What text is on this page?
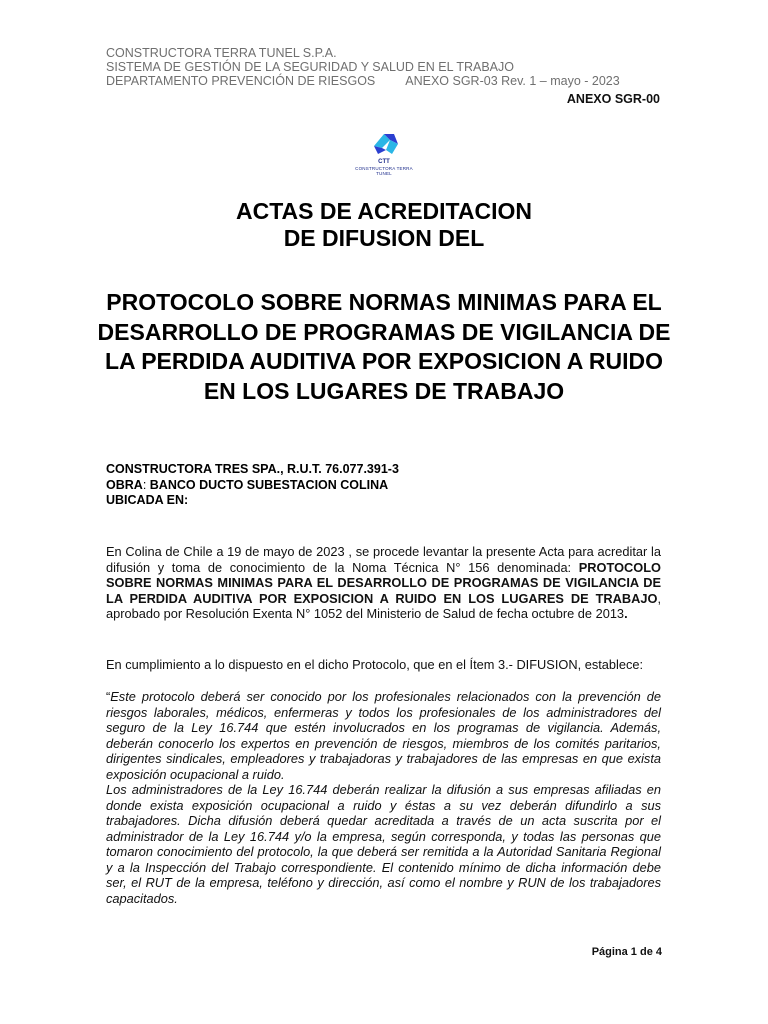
CONSTRUCTORA TERRA TUNEL S.P.A.
SISTEMA DE GESTIÓN DE LA SEGURIDAD Y SALUD EN EL TRABAJO
DEPARTAMENTO PREVENCIÓN DE RIESGOS ANEXO SGR-03 Rev. 1 – mayo - 2023
ANEXO SGR-00
CTT
CONSTRUCTORA TERRA TUNEL
ACTAS DE ACREDITACION
DE DIFUSION DEL
PROTOCOLO SOBRE NORMAS MINIMAS PARA EL DESARROLLO DE PROGRAMAS DE VIGILANCIA DE LA PERDIDA AUDITIVA POR EXPOSICION A RUIDO EN LOS LUGARES DE TRABAJO
CONSTRUCTORA TRES SPA., R.U.T. 76.077.391-3
OBRA: BANCO DUCTO SUBESTACION COLINA
UBICADA EN:
En Colina de Chile a 19 de mayo de 2023 , se procede levantar la presente Acta para acreditar la difusión y toma de conocimiento de la Noma Técnica N° 156 denominada: PROTOCOLO SOBRE NORMAS MINIMAS PARA EL DESARROLLO DE PROGRAMAS DE VIGILANCIA DE LA PERDIDA AUDITIVA POR EXPOSICION A RUIDO EN LOS LUGARES DE TRABAJO, aprobado por Resolución Exenta N° 1052 del Ministerio de Salud de fecha octubre de 2013.
En cumplimiento a lo dispuesto en el dicho Protocolo, que en el Ítem 3.- DIFUSION, establece:
“Este protocolo deberá ser conocido por los profesionales relacionados con la prevención de riesgos laborales, médicos, enfermeras y todos los profesionales de los administradores del seguro de la Ley 16.744 que estén involucrados en los programas de vigilancia. Además, deberán conocerlo los expertos en prevención de riesgos, miembros de los comités paritarios, dirigentes sindicales, empleadores y trabajadoras y trabajadores de las empresas en que exista exposición ocupacional a ruido.
Los administradores de la Ley 16.744 deberán realizar la difusión a sus empresas afiliadas en donde exista exposición ocupacional a ruido y éstas a su vez deberán difundirlo a sus trabajadores. Dicha difusión deberá quedar acreditada a través de un acta suscrita por el administrador de la Ley 16.744 y/o la empresa, según corresponda, y todas las personas que tomaron conocimiento del protocolo, la que deberá ser remitida a la Autoridad Sanitaria Regional y a la Inspección del Trabajo correspondiente. El contenido mínimo de dicha información debe ser, el RUT de la empresa, teléfono y dirección, así como el nombre y RUN de los trabajadores capacitados.
Página 1 de 4
